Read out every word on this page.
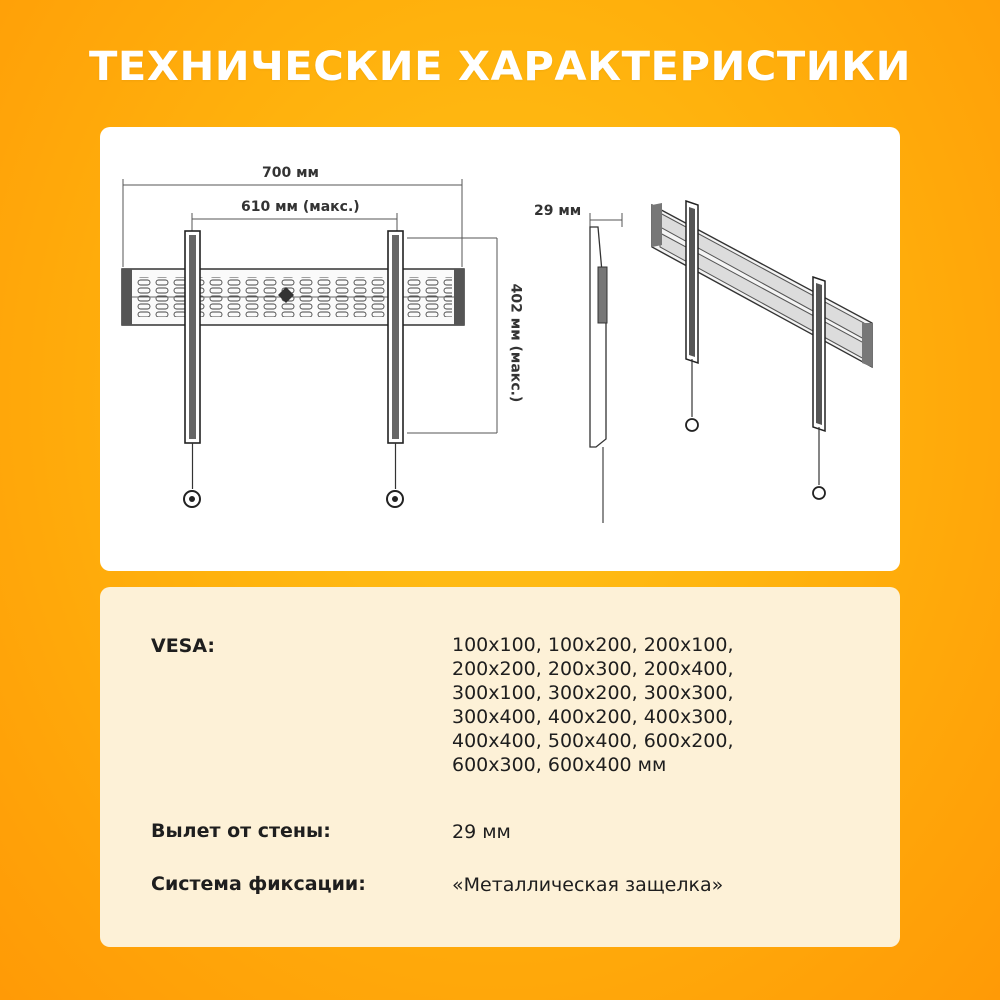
ТЕХНИЧЕСКИЕ ХАРАКТЕРИСТИКИ
700 мм
610 мм (макс.)	29 мм
402 мм (макс.)
VESA:	100x100, 100x200, 200x100,
200x200, 200x300, 200x400,
300x100, 300x200, 300x300,
300x400, 400x200, 400x300,
400x400, 500x400, 600x200,
600x300, 600x400 мм
Вылет от стены:	29 мм
Система фиксации:	«Металлическая защелка»
